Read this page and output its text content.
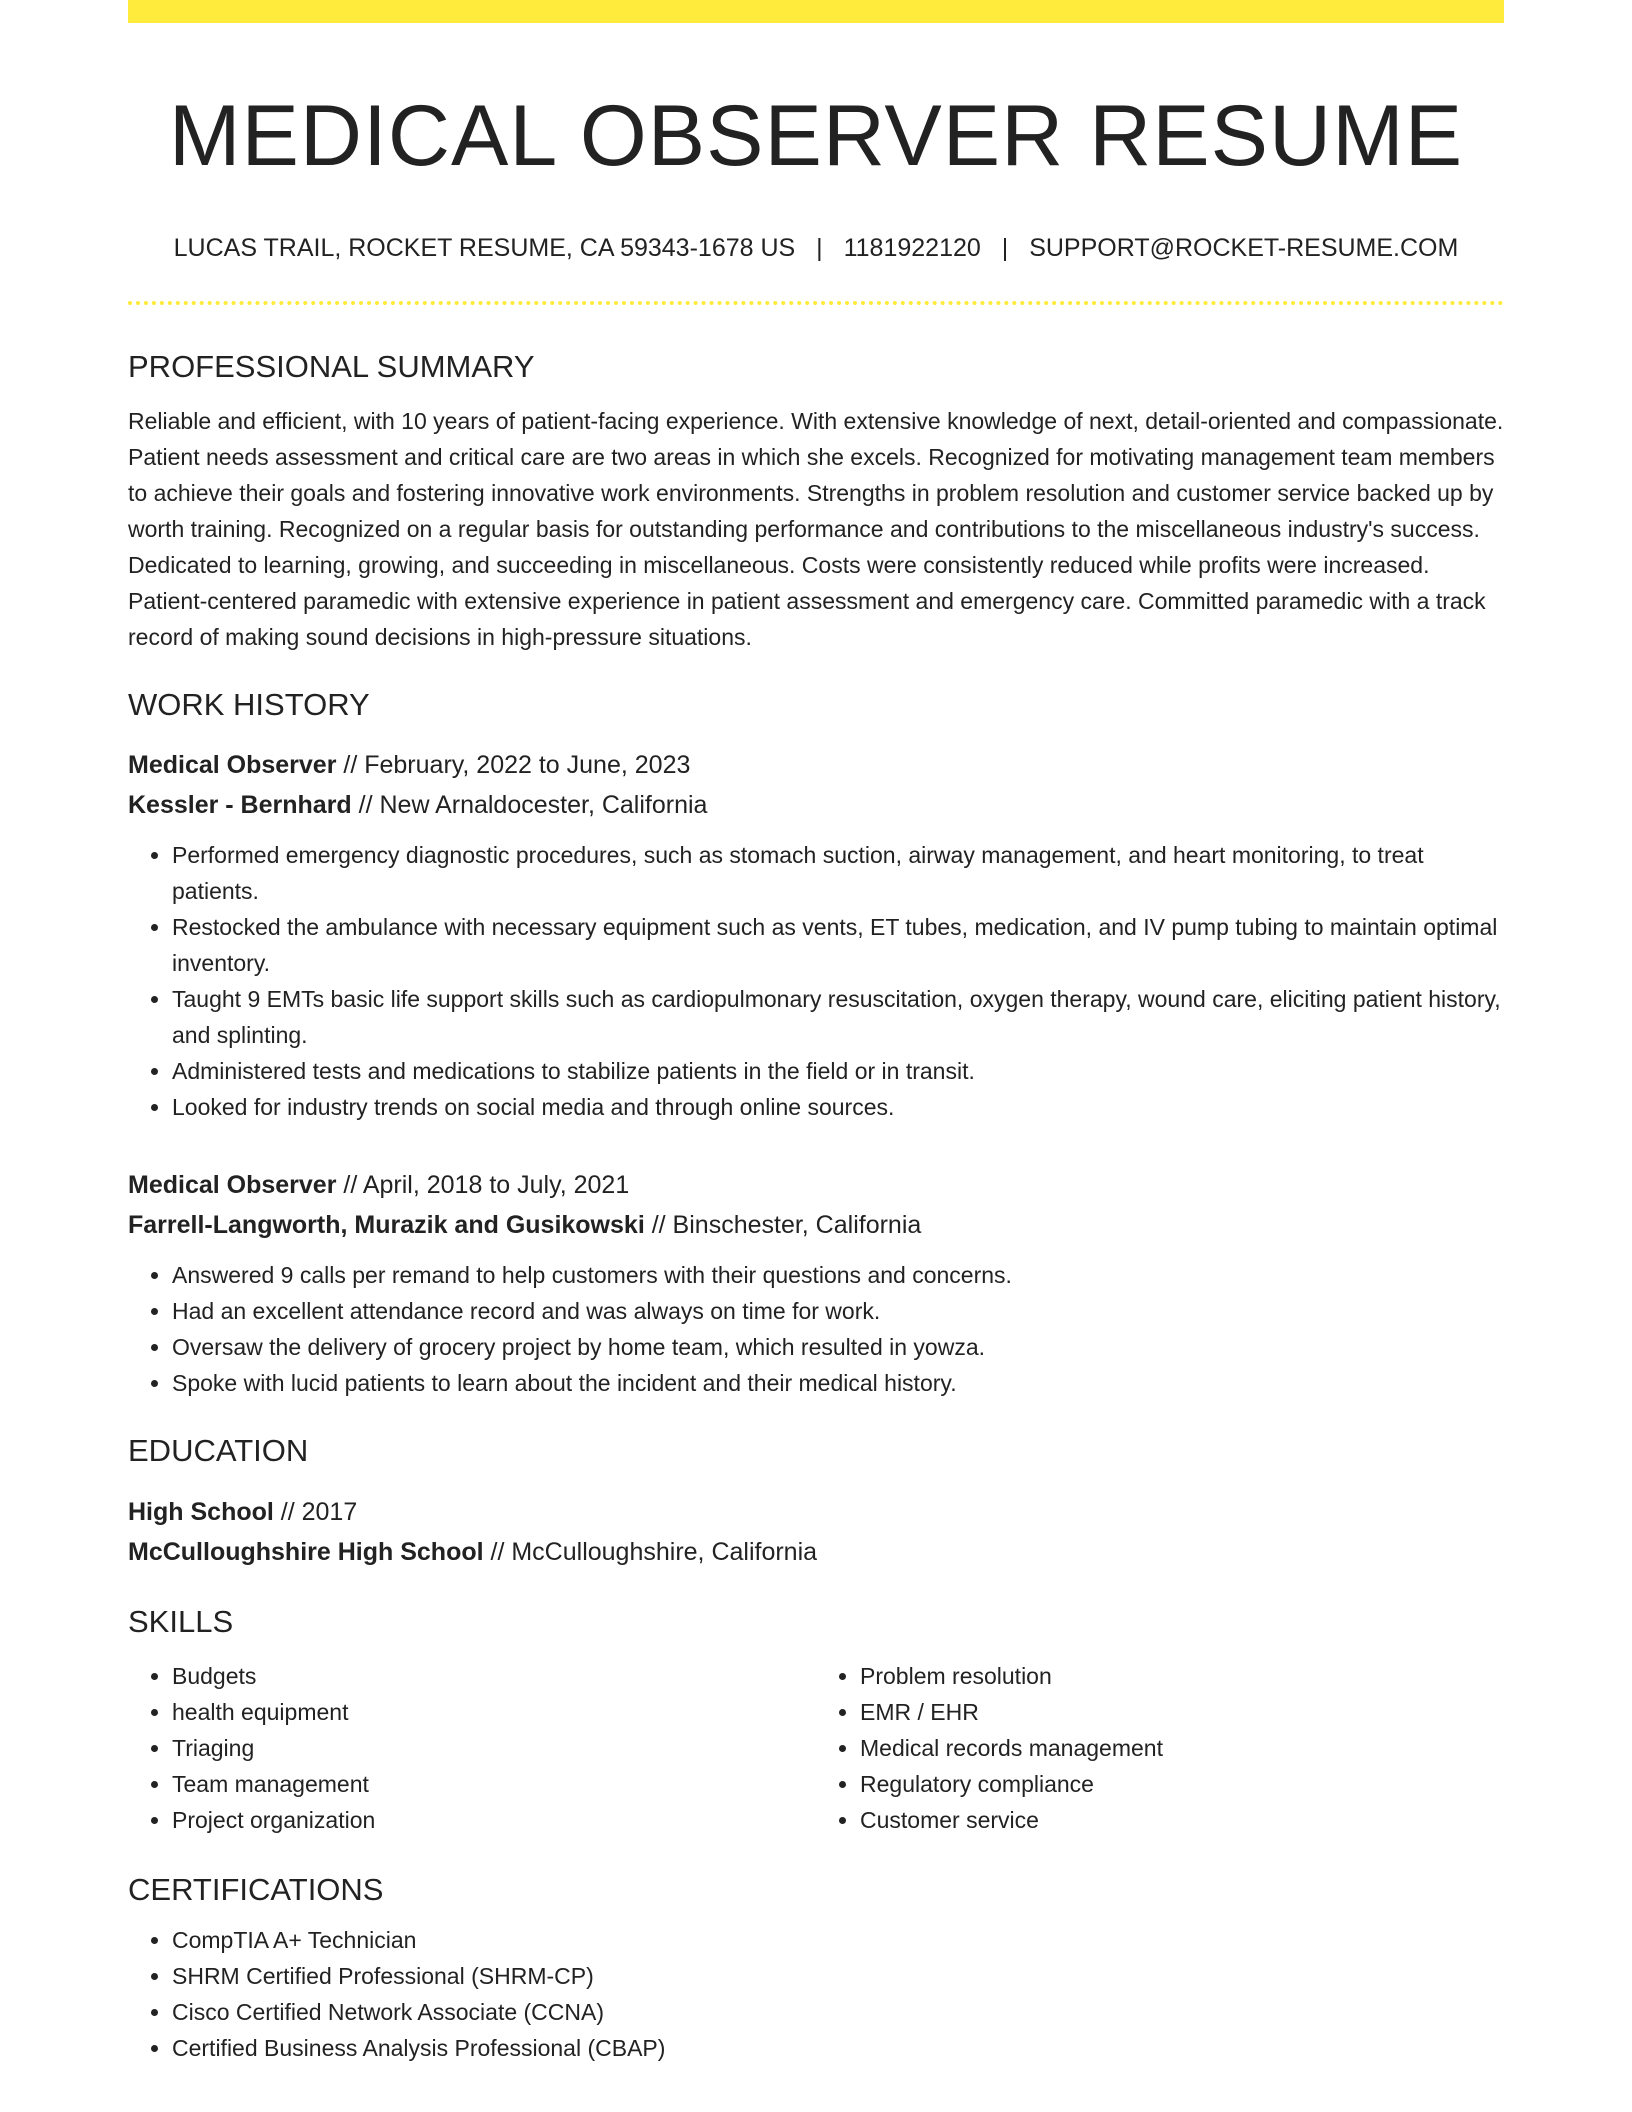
MEDICAL OBSERVER RESUME
LUCAS TRAIL, ROCKET RESUME, CA 59343-1678 US | 1181922120 | SUPPORT@ROCKET-RESUME.COM
PROFESSIONAL SUMMARY
Reliable and efficient, with 10 years of patient-facing experience. With extensive knowledge of next, detail-oriented and compassionate. Patient needs assessment and critical care are two areas in which she excels. Recognized for motivating management team members to achieve their goals and fostering innovative work environments. Strengths in problem resolution and customer service backed up by worth training. Recognized on a regular basis for outstanding performance and contributions to the miscellaneous industry's success. Dedicated to learning, growing, and succeeding in miscellaneous. Costs were consistently reduced while profits were increased. Patient-centered paramedic with extensive experience in patient assessment and emergency care. Committed paramedic with a track record of making sound decisions in high-pressure situations.
WORK HISTORY
Medical Observer // February, 2022 to June, 2023
Kessler - Bernhard // New Arnaldocester, California
• Performed emergency diagnostic procedures, such as stomach suction, airway management, and heart monitoring, to treat patients.
• Restocked the ambulance with necessary equipment such as vents, ET tubes, medication, and IV pump tubing to maintain optimal inventory.
• Taught 9 EMTs basic life support skills such as cardiopulmonary resuscitation, oxygen therapy, wound care, eliciting patient history, and splinting.
• Administered tests and medications to stabilize patients in the field or in transit.
• Looked for industry trends on social media and through online sources.
Medical Observer // April, 2018 to July, 2021
Farrell-Langworth, Murazik and Gusikowski // Binschester, California
• Answered 9 calls per remand to help customers with their questions and concerns.
• Had an excellent attendance record and was always on time for work.
• Oversaw the delivery of grocery project by home team, which resulted in yowza.
• Spoke with lucid patients to learn about the incident and their medical history.
EDUCATION
High School // 2017
McCulloughshire High School // McCulloughshire, California
SKILLS
• Budgets
• health equipment
• Triaging
• Team management
• Project organization
• Problem resolution
• EMR / EHR
• Medical records management
• Regulatory compliance
• Customer service
CERTIFICATIONS
• CompTIA A+ Technician
• SHRM Certified Professional (SHRM-CP)
• Cisco Certified Network Associate (CCNA)
• Certified Business Analysis Professional (CBAP)
